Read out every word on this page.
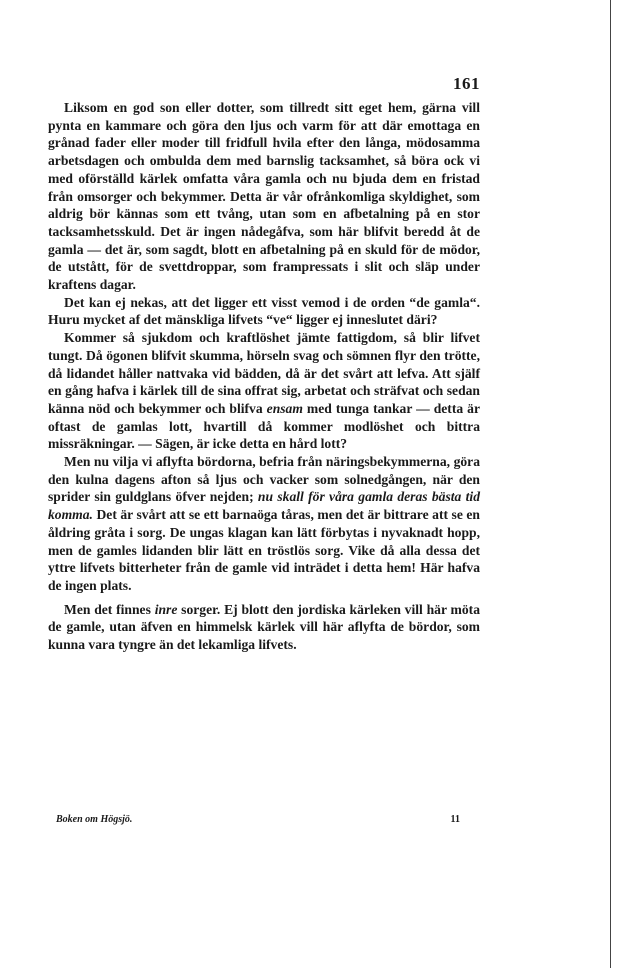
161

Liksom en god son eller dotter, som tillredt sitt eget hem, gärna vill pynta en kammare och göra den ljus och varm för att där emottaga en grånad fader eller moder till fridfull hvila efter den långa, mödosamma arbetsdagen och ombulda dem med barnslig tacksamhet, så böra ock vi med oförställd kärlek omfatta våra gamla och nu bjuda dem en fristad från omsorger och bekymmer. Detta är vår ofrånkomliga skyldighet, som aldrig bör kännas som ett tvång, utan som en afbetalning på en stor tacksamhetsskuld. Det är ingen nådegåfva, som här blifvit beredd åt de gamla — det är, som sagdt, blott en afbetalning på en skuld för de mödor, de utstått, för de svettdroppar, som frampressats i slit och släp under kraftens dagar.

Det kan ej nekas, att det ligger ett visst vemod i de orden “de gamla“. Huru mycket af det mänskliga lifvets “ve“ ligger ej inneslutet däri?

Kommer så sjukdom och kraftlöshet jämte fattigdom, så blir lifvet tungt. Då ögonen blifvit skumma, hörseln svag och sömnen flyr den trötte, då lidandet håller nattvaka vid bädden, då är det svårt att lefva. Att själf en gång hafva i kärlek till de sina offrat sig, arbetat och sträfvat och sedan känna nöd och bekymmer och blifva ensam med tunga tankar — detta är oftast de gamlas lott, hvartill då kommer modlöshet och bittra missräkningar. — Sägen, är icke detta en hård lott?

Men nu vilja vi aflyfta bördorna, befria från näringsbekymmerna, göra den kulna dagens afton så ljus och vacker som solnedgången, när den sprider sin guldglans öfver nejden; nu skall för våra gamla deras bästa tid komma. Det är svårt att se ett barnaöga tåras, men det är bittrare att se en åldring gråta i sorg. De ungas klagan kan lätt förbytas i nyvaknadt hopp, men de gamles lidanden blir lätt en tröstlös sorg. Vike då alla dessa det yttre lifvets bitterheter från de gamle vid inträdet i detta hem! Här hafva de ingen plats.

Men det finnes inre sorger. Ej blott den jordiska kärleken vill här möta de gamle, utan äfven en himmelsk kärlek vill här aflyfta de bördor, som kunna vara tyngre än det lekamliga lifvets.

Boken om Högsjö.	11
